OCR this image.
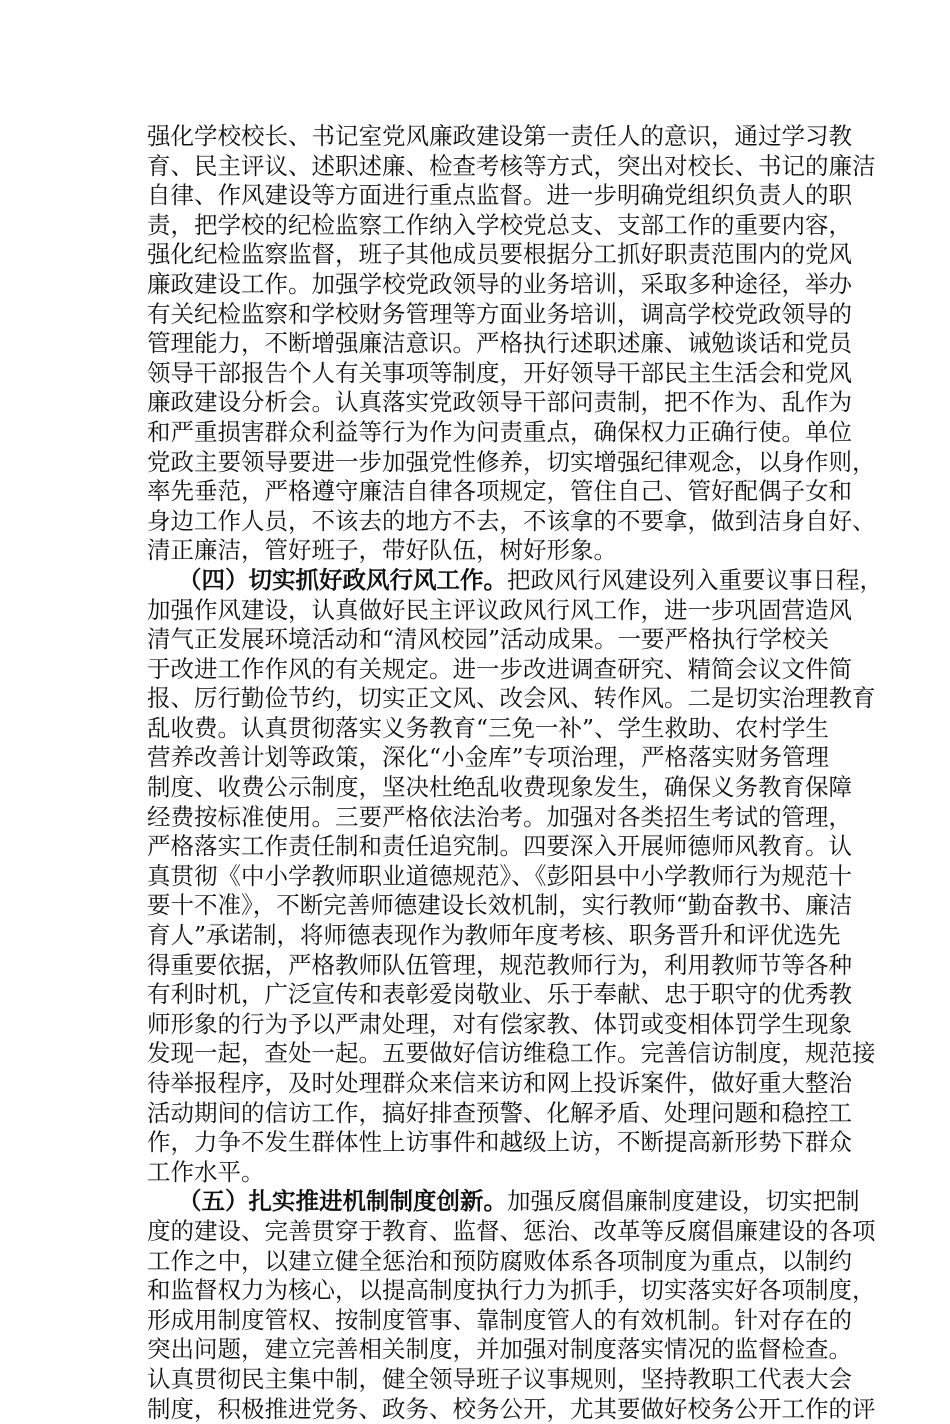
强化学校校长、书记室党风廉政建设第一责任人的意识，通过学习教
育、民主评议、述职述廉、检查考核等方式，突出对校长、书记的廉洁
自律、作风建设等方面进行重点监督。进一步明确党组织负责人的职
责，把学校的纪检监察工作纳入学校党总支、支部工作的重要内容，
强化纪检监察监督，班子其他成员要根据分工抓好职责范围内的党风
廉政建设工作。加强学校党政领导的业务培训，采取多种途径，举办
有关纪检监察和学校财务管理等方面业务培训，调高学校党政领导的
管理能力，不断增强廉洁意识。严格执行述职述廉、诫勉谈话和党员
领导干部报告个人有关事项等制度，开好领导干部民主生活会和党风
廉政建设分析会。认真落实党政领导干部问责制，把不作为、乱作为
和严重损害群众利益等行为作为问责重点，确保权力正确行使。单位
党政主要领导要进一步加强党性修养，切实增强纪律观念，以身作则，
率先垂范，严格遵守廉洁自律各项规定，管住自己、管好配偶子女和
身边工作人员，不该去的地方不去，不该拿的不要拿，做到洁身自好、
清正廉洁，管好班子，带好队伍，树好形象。
（四）切实抓好政风行风工作。把政风行风建设列入重要议事日程，
加强作风建设，认真做好民主评议政风行风工作，进一步巩固营造风
清气正发展环境活动和“清风校园”活动成果。一要严格执行学校关
于改进工作作风的有关规定。进一步改进调查研究、精简会议文件简
报、厉行勤俭节约，切实正文风、改会风、转作风。二是切实治理教育
乱收费。认真贯彻落实义务教育“三免一补”、学生救助、农村学生
营养改善计划等政策，深化“小金库”专项治理，严格落实财务管理
制度、收费公示制度，坚决杜绝乱收费现象发生，确保义务教育保障
经费按标准使用。三要严格依法治考。加强对各类招生考试的管理，
严格落实工作责任制和责任追究制。四要深入开展师德师风教育。认
真贯彻《中小学教师职业道德规范》、《彭阳县中小学教师行为规范十
要十不准》，不断完善师德建设长效机制，实行教师“勤奋教书、廉洁
育人”承诺制，将师德表现作为教师年度考核、职务晋升和评优选先
得重要依据，严格教师队伍管理，规范教师行为，利用教师节等各种
有利时机，广泛宣传和表彰爱岗敬业、乐于奉献、忠于职守的优秀教
师形象的行为予以严肃处理，对有偿家教、体罚或变相体罚学生现象
发现一起，查处一起。五要做好信访维稳工作。完善信访制度，规范接
待举报程序，及时处理群众来信来访和网上投诉案件，做好重大整治
活动期间的信访工作，搞好排查预警、化解矛盾、处理问题和稳控工
作，力争不发生群体性上访事件和越级上访，不断提高新形势下群众
工作水平。
（五）扎实推进机制制度创新。加强反腐倡廉制度建设，切实把制
度的建设、完善贯穿于教育、监督、惩治、改革等反腐倡廉建设的各项
工作之中，以建立健全惩治和预防腐败体系各项制度为重点，以制约
和监督权力为核心，以提高制度执行力为抓手，切实落实好各项制度，
形成用制度管权、按制度管事、靠制度管人的有效机制。针对存在的
突出问题，建立完善相关制度，并加强对制度落实情况的监督检查。
认真贯彻民主集中制，健全领导班子议事规则，坚持教职工代表大会
制度，积极推进党务、政务、校务公开，尤其要做好校务公开工作的评
